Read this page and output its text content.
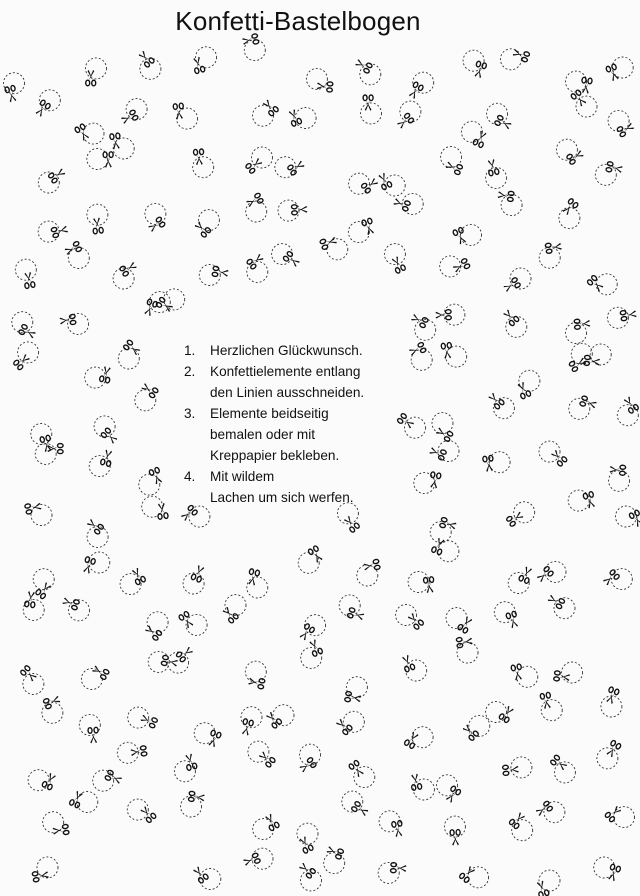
Konfetti-Bastelbogen
1.	Herzlichen Glückwunsch.
2.	Konfettielemente entlang
den Linien ausschneiden.
3.	Elemente beidseitig
bemalen oder mit
Kreppapier bekleben.
4.	Mit wildem
Lachen um sich werfen.
